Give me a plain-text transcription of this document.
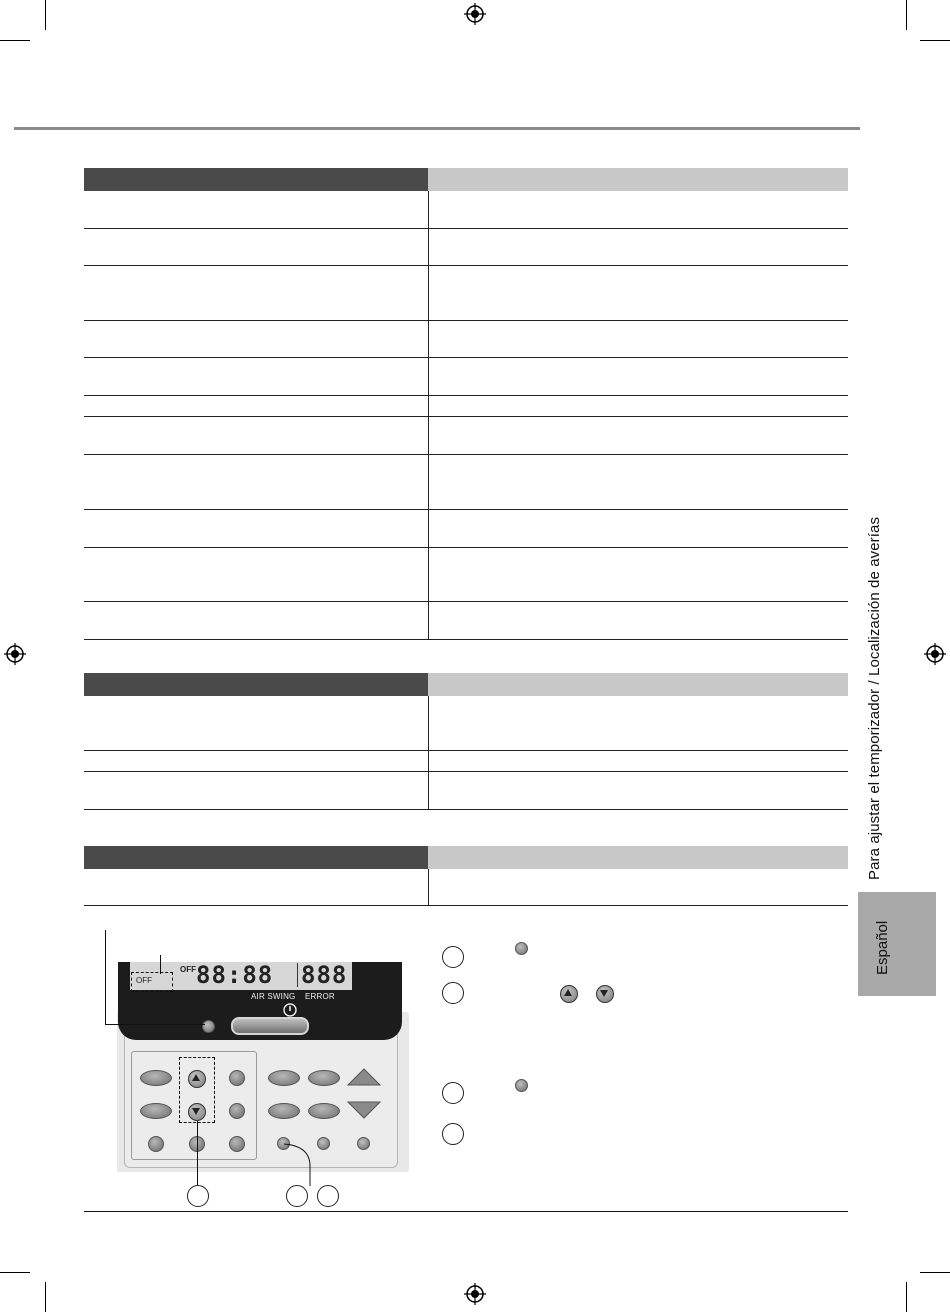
Para ajustar el temporizador / Localización de averías
Español
OFF
OFF 88:88 888
AIR SWING ERROR
